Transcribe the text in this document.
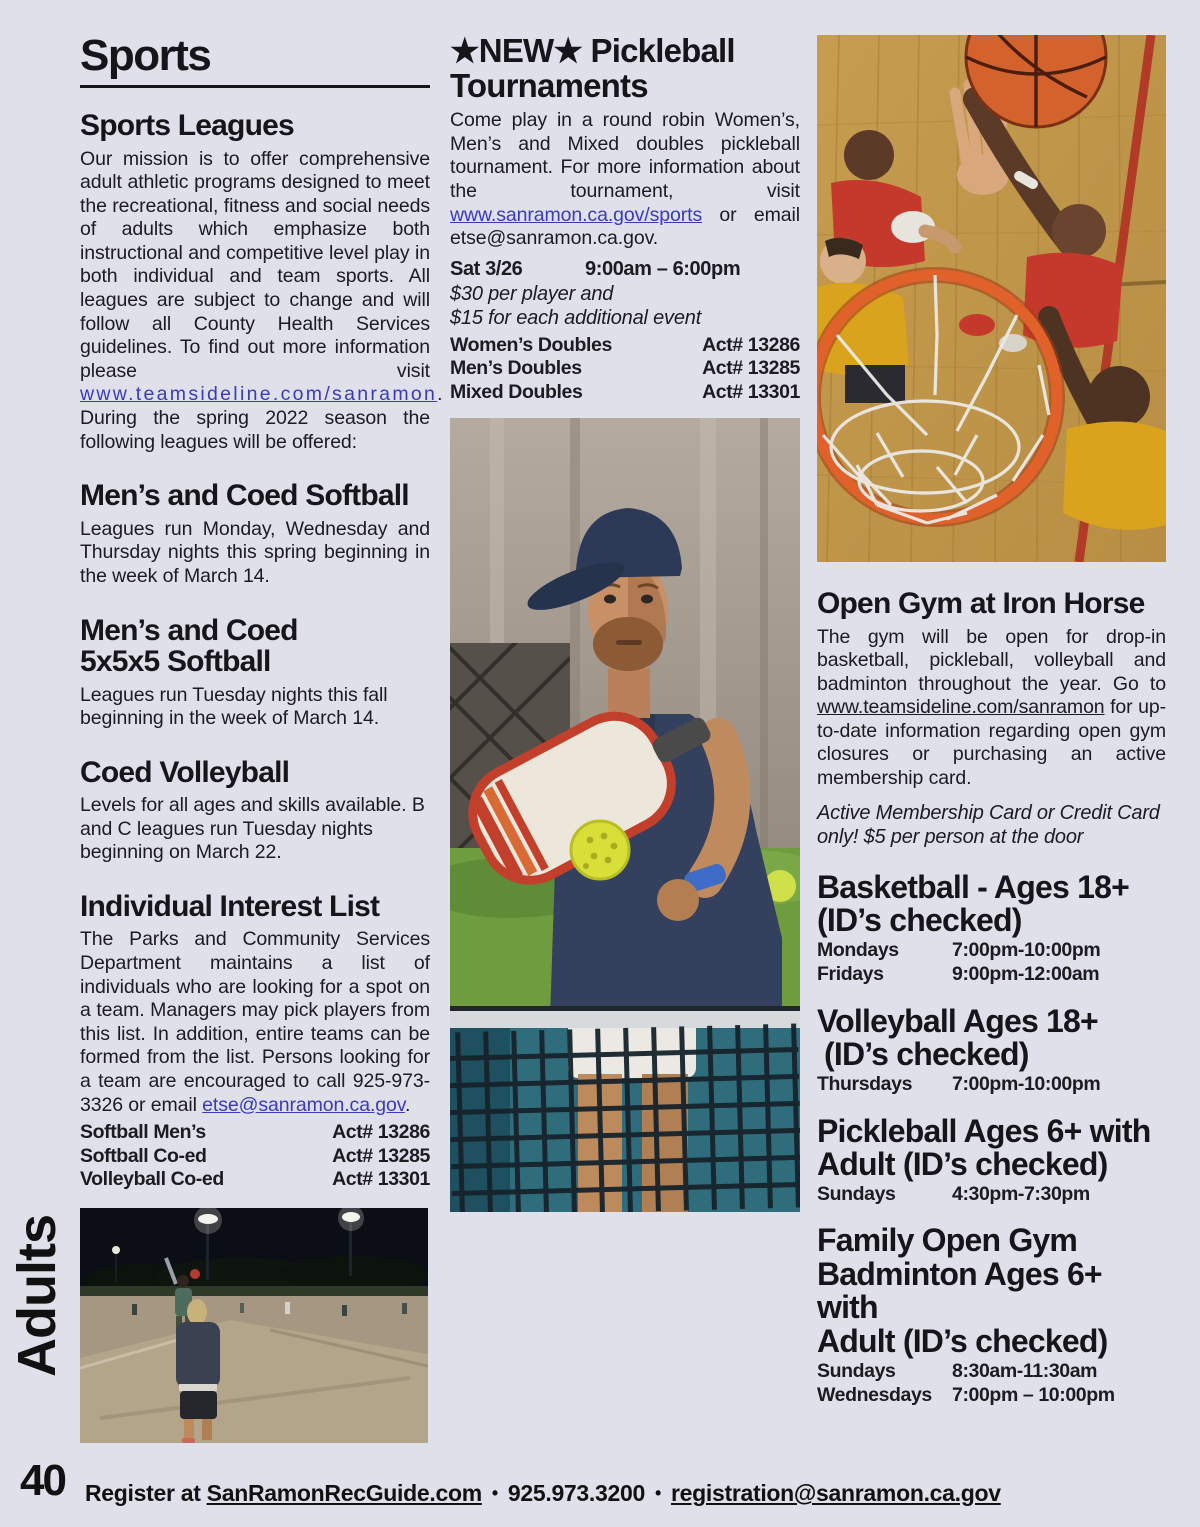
Sports
Sports Leagues

Our mission is to offer comprehensive adult athletic programs designed to meet the recreational, fitness and social needs of adults which emphasize both instructional and competitive level play in both individual and team sports. All leagues are subject to change and will follow all County Health Services guidelines. To find out more information please visit www.teamsideline.com/sanramon. During the spring 2022 season the following leagues will be offered:

Men’s and Coed Softball

Leagues run Monday, Wednesday and Thursday nights this spring beginning in the week of March 14.

Men’s and Coed
5x5x5 Softball

Leagues run Tuesday nights this fall beginning in the week of March 14.

Coed Volleyball

Levels for all ages and skills available. B and C leagues run Tuesday nights beginning on March 22.

Individual Interest List

The Parks and Community Services Department maintains a list of individuals who are looking for a spot on a team. Managers may pick players from this list. In addition, entire teams can be formed from the list. Persons looking for a team are encouraged to call 925-973-3326 or email etse@sanramon.ca.gov.

Softball Men’s	Act# 13286
Softball Co-ed	Act# 13285
Volleyball Co-ed	Act# 13301
★NEW★ Pickleball
Tournaments

Come play in a round robin Women’s, Men’s and Mixed doubles pickleball tournament. For more information about the tournament, visit www.sanramon.ca.gov/sports or email etse@sanramon.ca.gov.

Sat 3/26	9:00am – 6:00pm
$30 per player and
$15 for each additional event
Women’s Doubles	Act# 13286
Men’s Doubles	Act# 13285
Mixed Doubles	Act# 13301
Open Gym at Iron Horse

The gym will be open for drop-in basketball, pickleball, volleyball and badminton throughout the year. Go to www.teamsideline.com/sanramon for up-to-date information regarding open gym closures or purchasing an active membership card.

Active Membership Card or Credit Card
only! $5 per person at the door
Basketball - Ages 18+
(ID’s checked)
Mondays	7:00pm-10:00pm
Fridays	9:00pm-12:00am
Volleyball Ages 18+
(ID’s checked)
Thursdays	7:00pm-10:00pm
Pickleball Ages 6+ with
Adult (ID’s checked)
Sundays	4:30pm-7:30pm
Family Open Gym
Badminton Ages 6+ with
Adult (ID’s checked)
Sundays	8:30am-11:30am
Wednesdays	7:00pm – 10:00pm
Adults
40 Register at SanRamonRecGuide.com • 925.973.3200 • registration@sanramon.ca.gov
